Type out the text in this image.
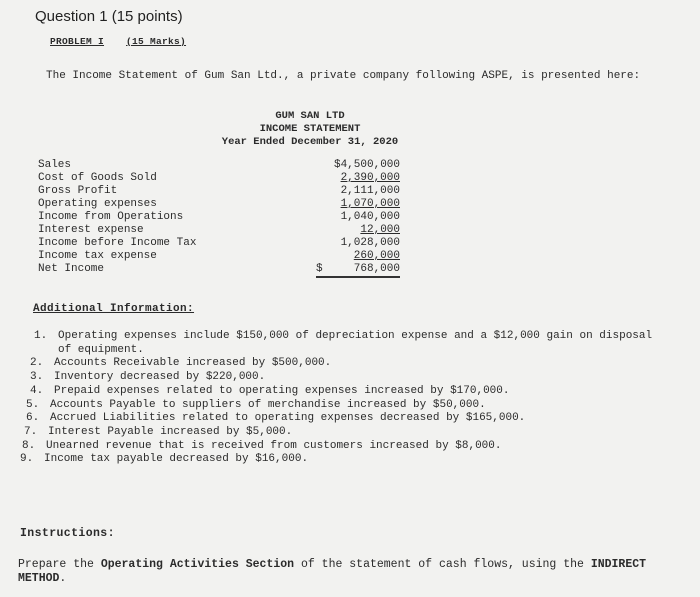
Question 1 (15 points)
PROBLEM I (15 Marks)
The Income Statement of Gum San Ltd., a private company following ASPE, is presented here:
GUM SAN LTD
INCOME STATEMENT
Year Ended December 31, 2020
Sales
Cost of Goods Sold
Gross Profit
Operating expenses
Income from Operations
Interest expense
Income before Income Tax
Income tax expense
Net Income
$4,500,000
2,390,000
2,111,000
1,070,000
1,040,000
12,000
1,028,000
260,000
$	768,000
Additional Information:
1. Operating expenses include $150,000 of depreciation expense and a $12,000 gain on disposal of equipment.
2. Accounts Receivable increased by $500,000.
3. Inventory decreased by $220,000.
4. Prepaid expenses related to operating expenses increased by $170,000.
5. Accounts Payable to suppliers of merchandise increased by $50,000.
6. Accrued Liabilities related to operating expenses decreased by $165,000.
7. Interest Payable increased by $5,000.
8. Unearned revenue that is received from customers increased by $8,000.
9. Income tax payable decreased by $16,000.
Instructions:
Prepare the Operating Activities Section of the statement of cash flows, using the INDIRECT METHOD.
